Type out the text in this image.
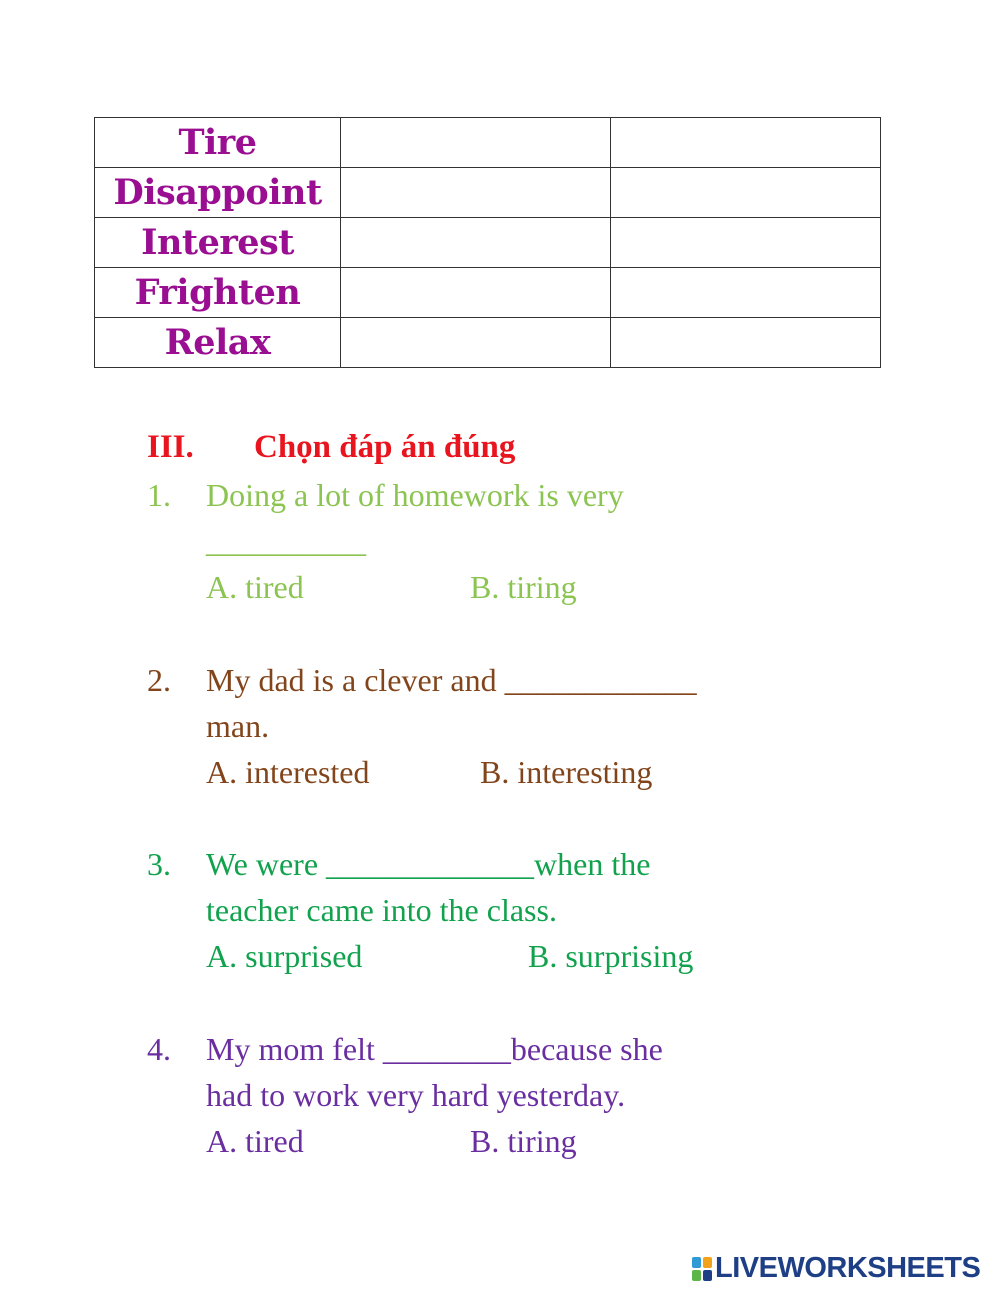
Tire		
Disappoint		
Interest		
Frighten		
Relax		
III. Chọn đáp án đúng
1. Doing a lot of homework is very
__________
A. tired	B. tiring
2. My dad is a clever and ____________
man.
A. interested	B. interesting
3. We were _____________when the
teacher came into the class.
A. surprised	B. surprising
4. My mom felt ________because she
had to work very hard yesterday.
A. tired	B. tiring
LIVEWORKSHEETS
